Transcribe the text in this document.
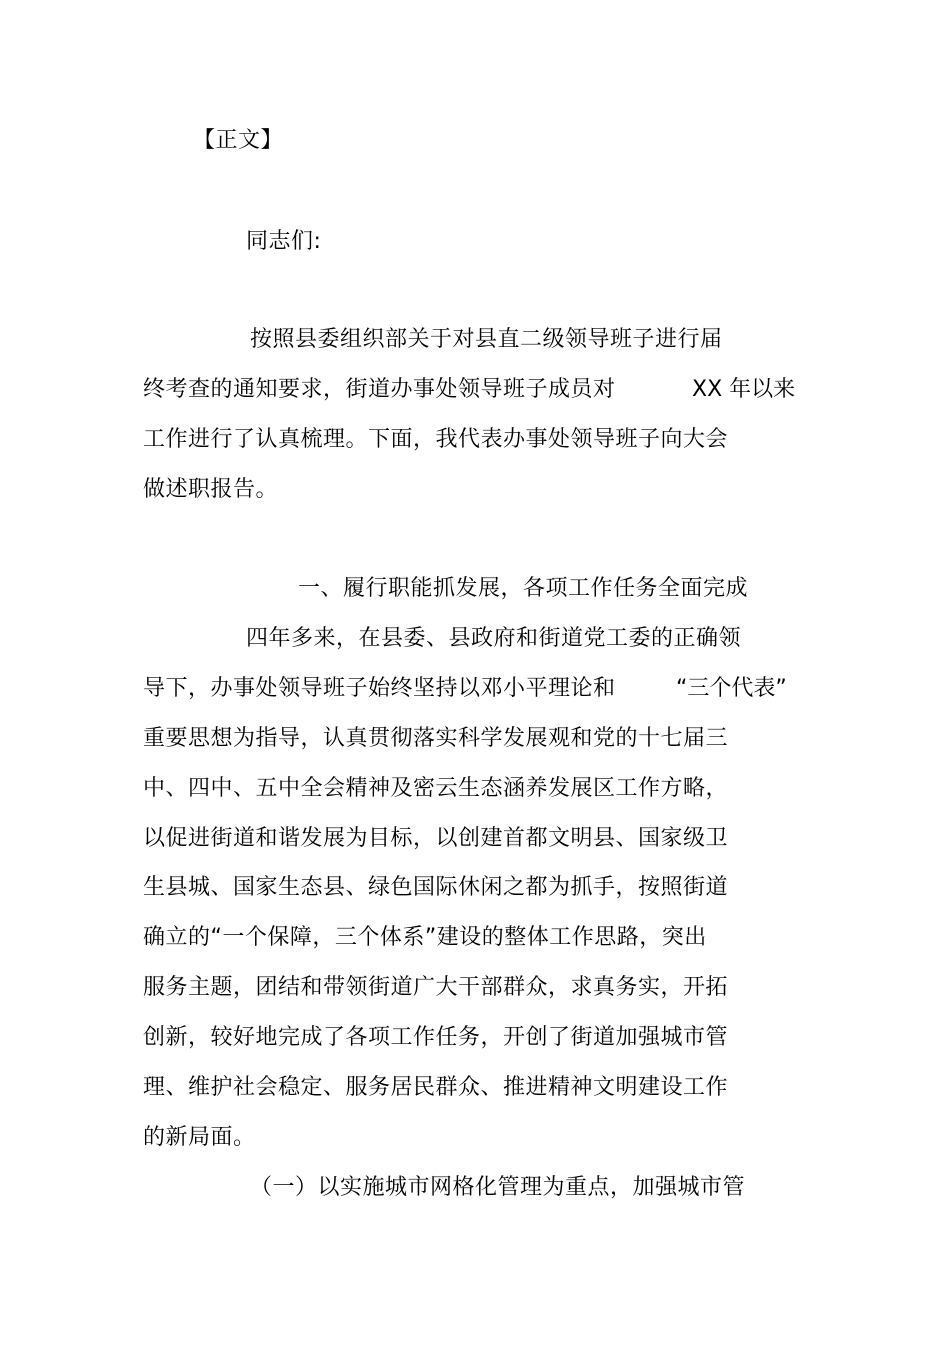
【正文】
同志们:
按照县委组织部关于对县直二级领导班子进行届
终考查的通知要求，街道办事处领导班子成员对	XX 年以来
工作进行了认真梳理。下面，我代表办事处领导班子向大会
做述职报告。
一、履行职能抓发展，各项工作任务全面完成
四年多来，在县委、县政府和街道党工委的正确领
导下，办事处领导班子始终坚持以邓小平理论和	“三个代表”
重要思想为指导，认真贯彻落实科学发展观和党的十七届三
中、四中、五中全会精神及密云生态涵养发展区工作方略，
以促进街道和谐发展为目标，以创建首都文明县、国家级卫
生县城、国家生态县、绿色国际休闲之都为抓手，按照街道
确立的“一个保障，三个体系”建设的整体工作思路，突出
服务主题，团结和带领街道广大干部群众，求真务实，开拓
创新，较好地完成了各项工作任务，开创了街道加强城市管
理、维护社会稳定、服务居民群众、推进精神文明建设工作
的新局面。
（一）以实施城市网格化管理为重点，加强城市管
